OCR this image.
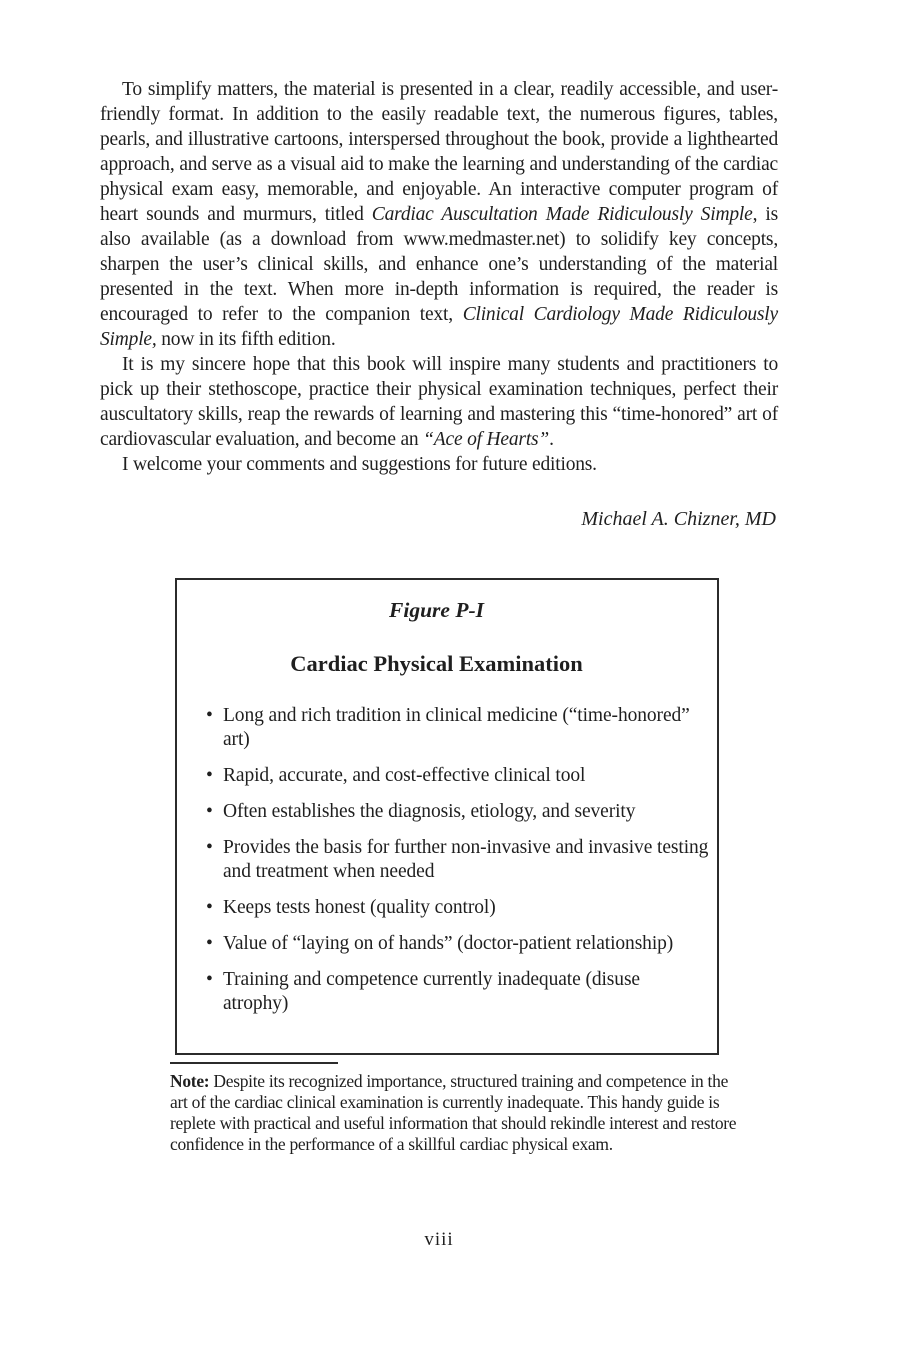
To simplify matters, the material is presented in a clear, readily accessible, and user-friendly format. In addition to the easily readable text, the numerous figures, tables, pearls, and illustrative cartoons, interspersed throughout the book, provide a lighthearted approach, and serve as a visual aid to make the learning and understanding of the cardiac physical exam easy, memorable, and enjoyable. An interactive computer program of heart sounds and murmurs, titled Cardiac Auscultation Made Ridiculously Simple, is also available (as a download from www.medmaster.net) to solidify key concepts, sharpen the user’s clinical skills, and enhance one’s understanding of the material presented in the text. When more in-depth information is required, the reader is encouraged to refer to the companion text, Clinical Cardiology Made Ridiculously Simple, now in its fifth edition.

It is my sincere hope that this book will inspire many students and practitioners to pick up their stethoscope, practice their physical examination techniques, perfect their auscultatory skills, reap the rewards of learning and mastering this “time-honored” art of cardiovascular evaluation, and become an “Ace of Hearts”.

I welcome your comments and suggestions for future editions.

Michael A. Chizner, MD
Figure P-I
Cardiac Physical Examination
• Long and rich tradition in clinical medicine (“time-honored” art)
• Rapid, accurate, and cost-effective clinical tool
• Often establishes the diagnosis, etiology, and severity
• Provides the basis for further non-invasive and invasive testing and treatment when needed
• Keeps tests honest (quality control)
• Value of “laying on of hands” (doctor-patient relationship)
• Training and competence currently inadequate (disuse atrophy)

Note: Despite its recognized importance, structured training and competence in the art of the cardiac clinical examination is currently inadequate. This handy guide is replete with practical and useful information that should rekindle interest and restore confidence in the performance of a skillful cardiac physical exam.

viii
